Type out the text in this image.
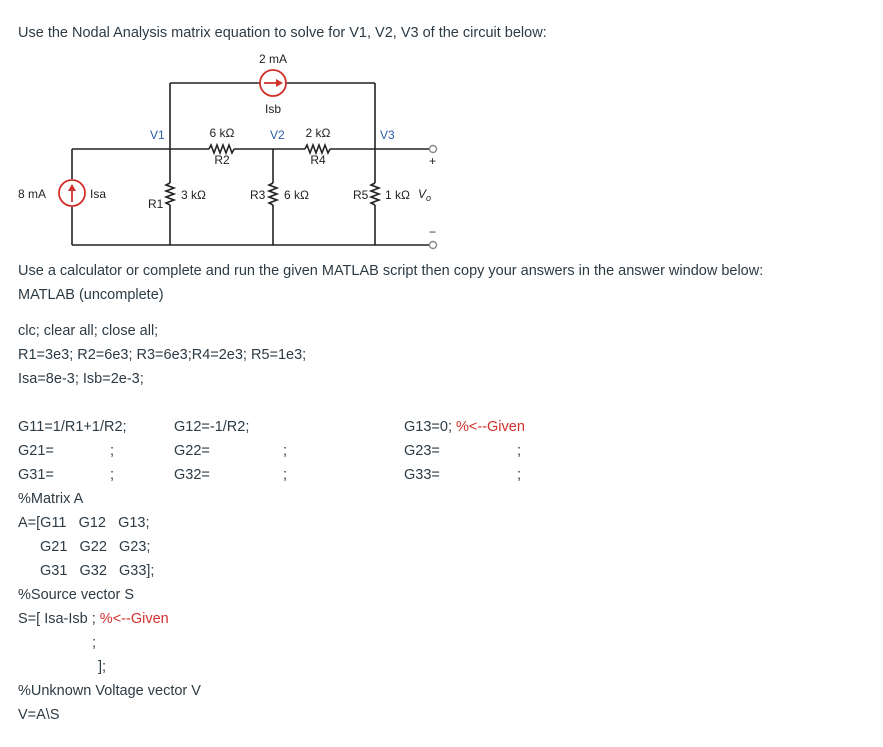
Use the Nodal Analysis matrix equation to solve for V1, V2, V3 of the circuit below:
2 mA
Isb
8 mA	Isa
V1	V2	V3
6 kΩ
R2
2 kΩ
R4
R1
3 kΩ	R3 6 kΩ	R5 1 kΩ $V_o$
+
−
Use a calculator or complete and run the given MATLAB script then copy your answers in the answer window below:
MATLAB (uncomplete)
clc; clear all; close all;
R1=3e3; R2=6e3; R3=6e3;R4=2e3; R5=1e3;
Isa=8e-3; Isb=2e-3;
G11=1/R1+1/R2;	G12=-1/R2;	G13=0; %<--Given
G21=	;	G22=	;	G23=	;
G31=	;	G32=	;	G33=	;
%Matrix A
A=[G11   G12   G13;
G21   G22   G23;
G31   G32   G33];
%Source vector S
S=[ Isa-Isb ; %<--Given
;
];
%Unknown Voltage vector V
V=A\S
